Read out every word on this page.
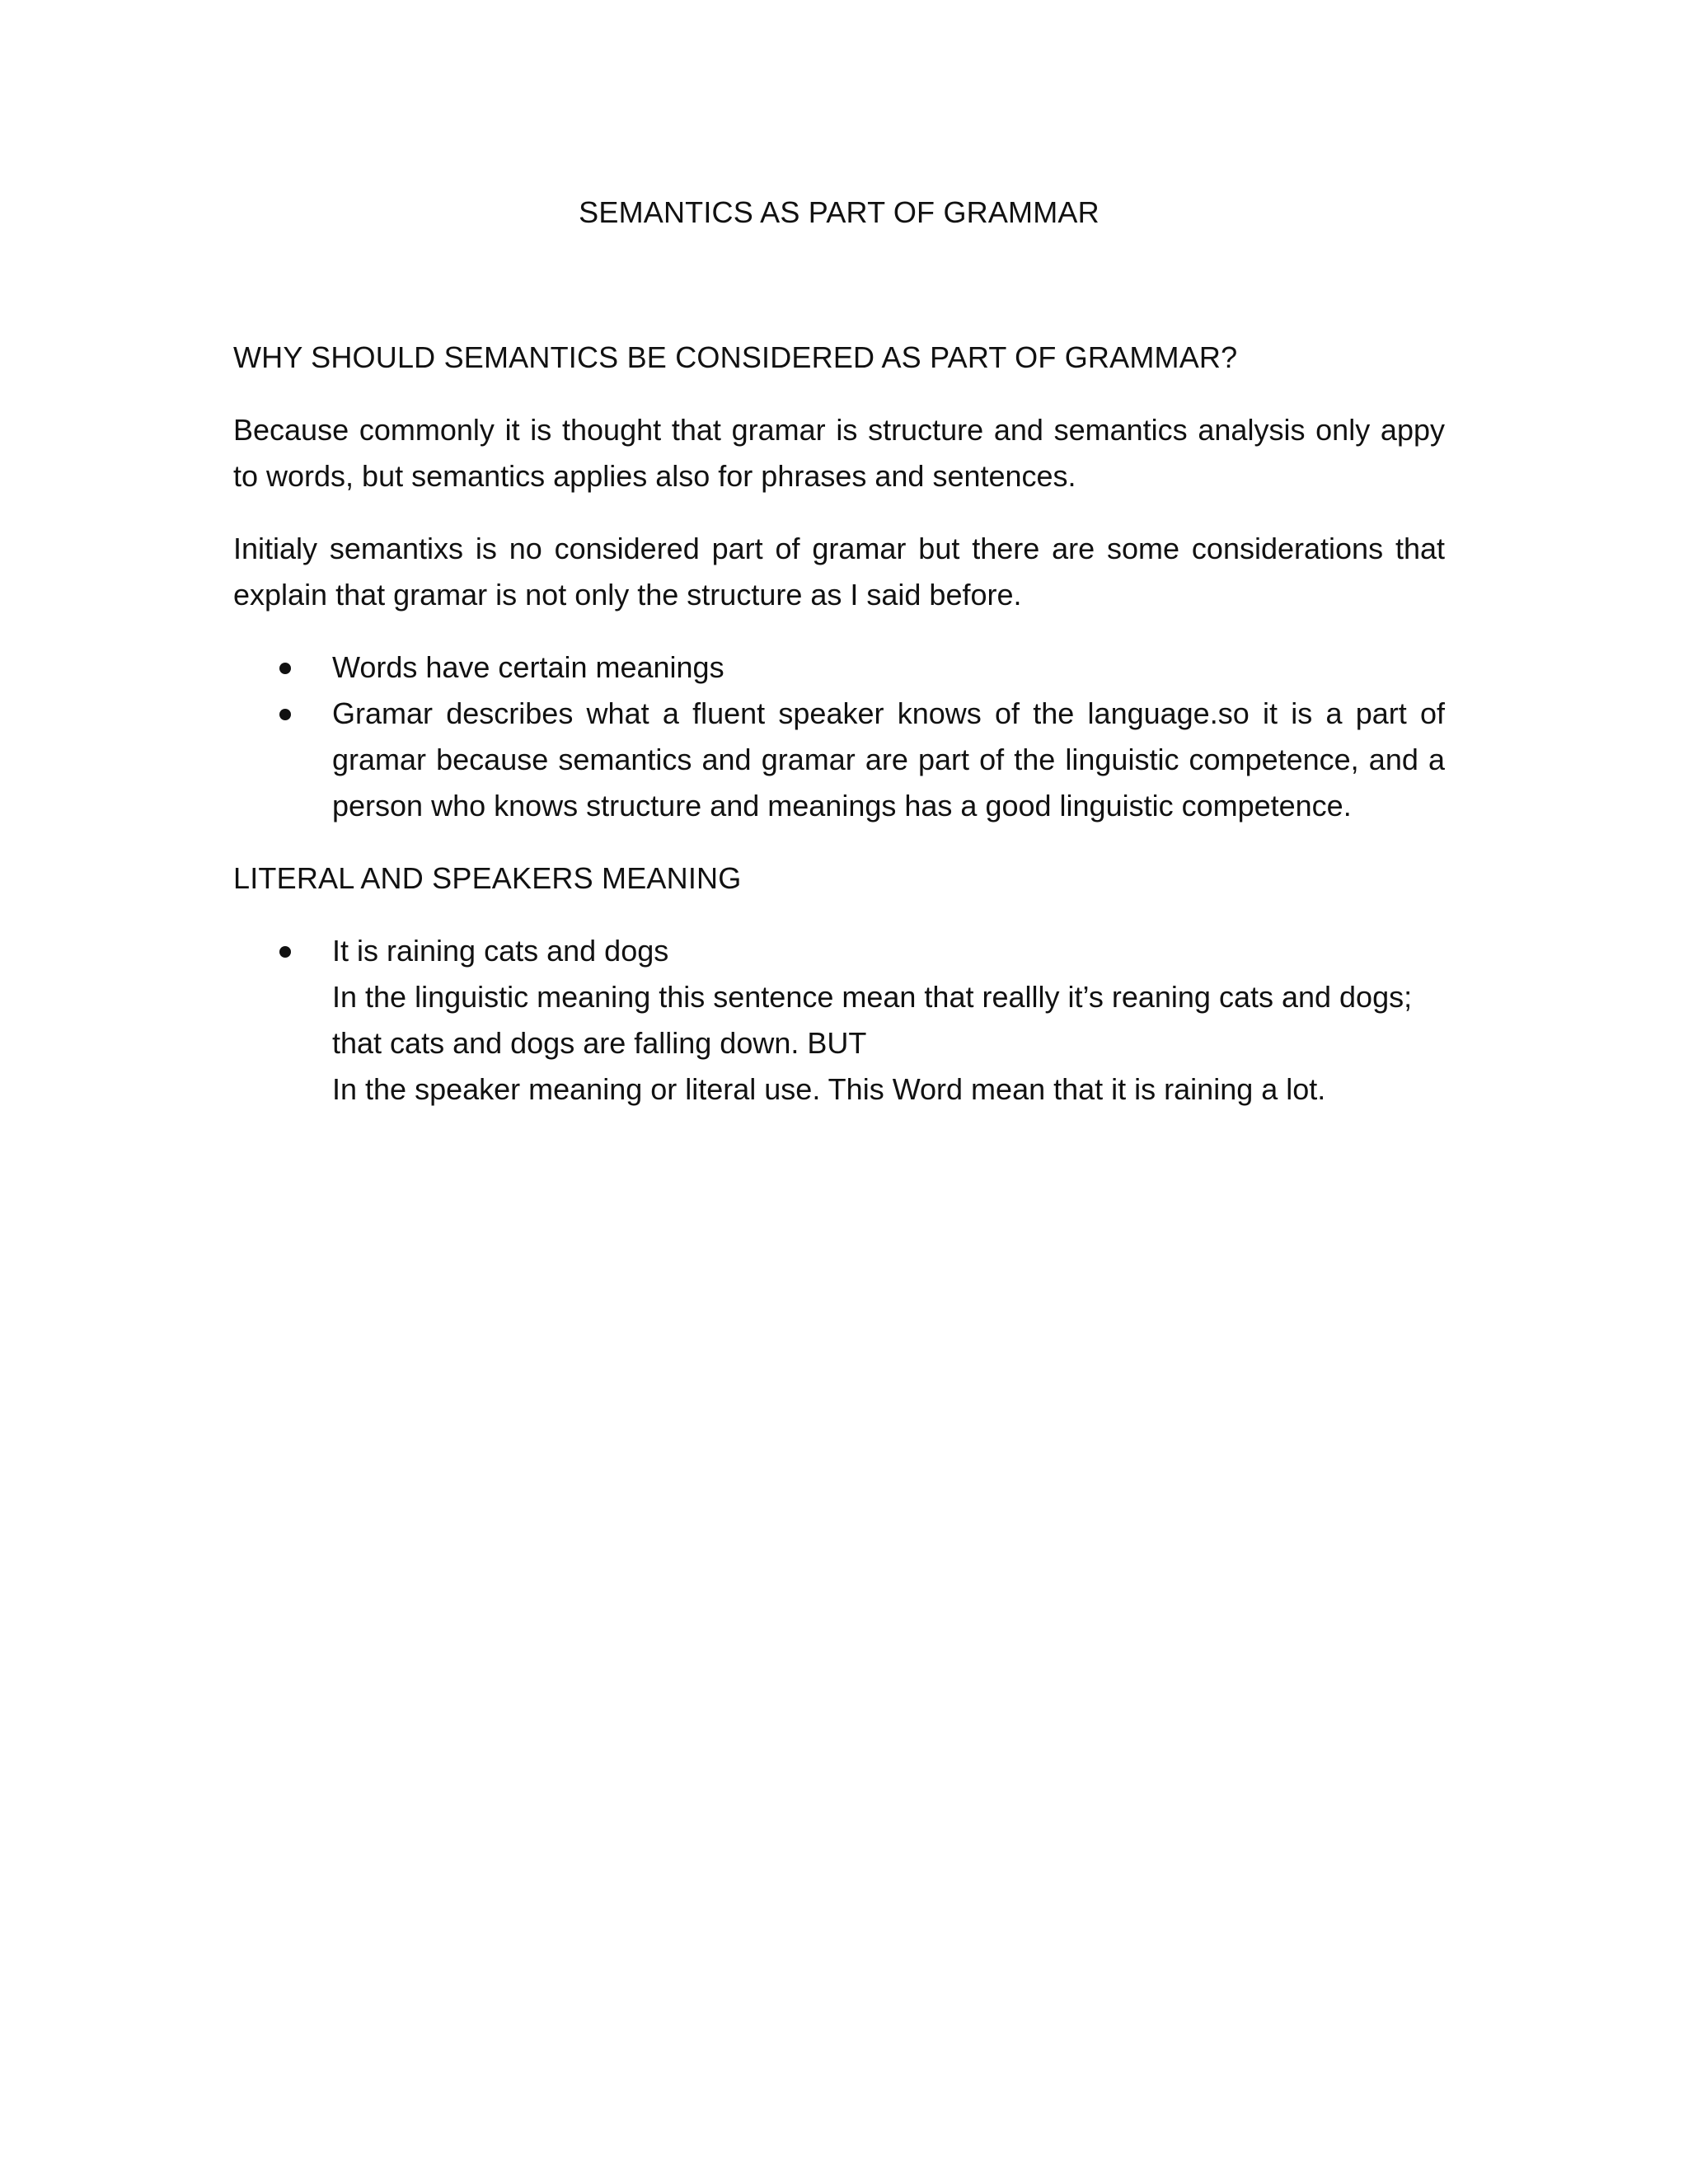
SEMANTICS AS PART OF GRAMMAR
WHY SHOULD SEMANTICS BE CONSIDERED AS PART OF GRAMMAR?

Because commonly it is thought that gramar is structure and semantics analysis only appy to words, but semantics applies also for phrases and sentences.

Initialy semantixs is no considered part of gramar but there are some considerations that explain that gramar is not only the structure as I said before.

Words have certain meanings
Gramar describes what a fluent speaker knows of the language.so it is a part of gramar because semantics and gramar are part of the linguistic competence, and a person who knows structure and meanings has a good linguistic competence.
LITERAL AND SPEAKERS MEANING
It is raining cats and dogs
In the linguistic meaning this sentence mean that reallly it’s reaning cats and dogs; that cats and dogs are falling down. BUT
In the speaker meaning or literal use. This Word mean that it is raining a lot.
